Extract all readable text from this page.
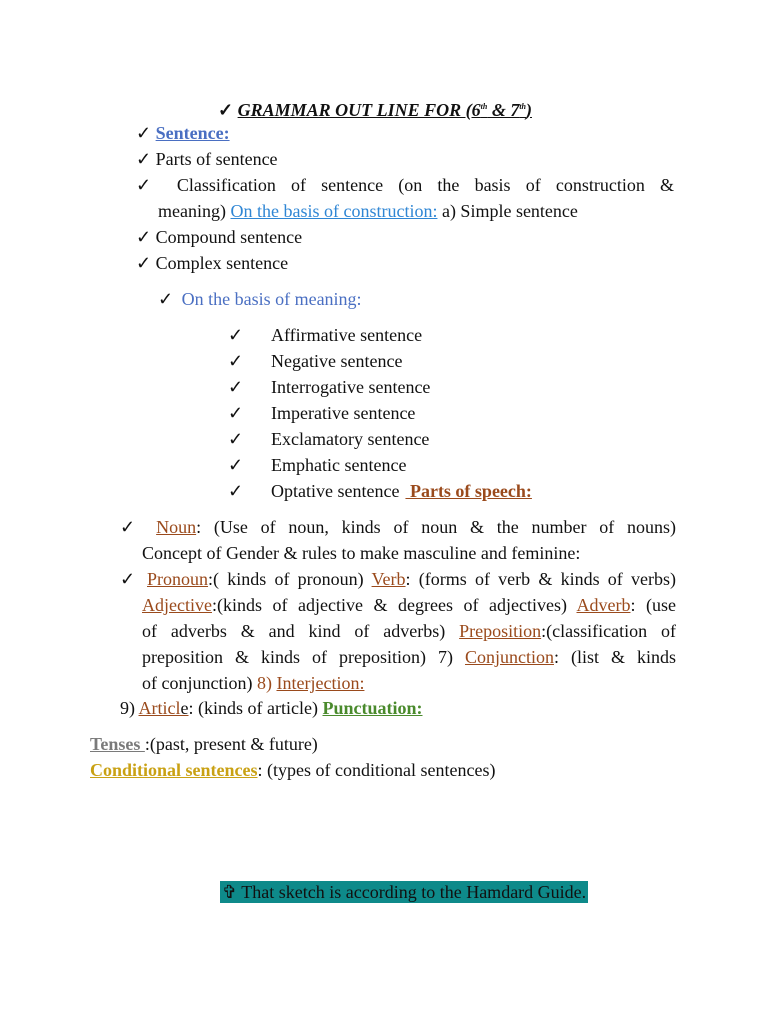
✓ GRAMMAR OUT LINE FOR (6th & 7th)
✓ Sentence:
✓ Parts of sentence
✓ Classification of sentence (on the basis of construction &
meaning) On the basis of construction: a) Simple sentence
✓ Compound sentence
✓ Complex sentence
✓ On the basis of meaning:
✓ Affirmative sentence
✓ Negative sentence
✓ Interrogative sentence
✓ Imperative sentence
✓ Exclamatory sentence
✓ Emphatic sentence
✓ Optative sentence Parts of speech:
✓ Noun: (Use of noun, kinds of noun & the number of nouns)
Concept of Gender & rules to make masculine and feminine:
✓ Pronoun:( kinds of pronoun) Verb: (forms of verb & kinds of verbs)
Adjective:(kinds of adjective & degrees of adjectives) Adverb: (use
of adverbs & and kind of adverbs) Preposition:(classification of
preposition & kinds of preposition) 7) Conjunction: (list & kinds
of conjunction) 8) Interjection:
9) Article: (kinds of article) Punctuation:
Tenses :(past, present & future)
Conditional sentences: (types of conditional sentences)
✞ That sketch is according to the Hamdard Guide.
